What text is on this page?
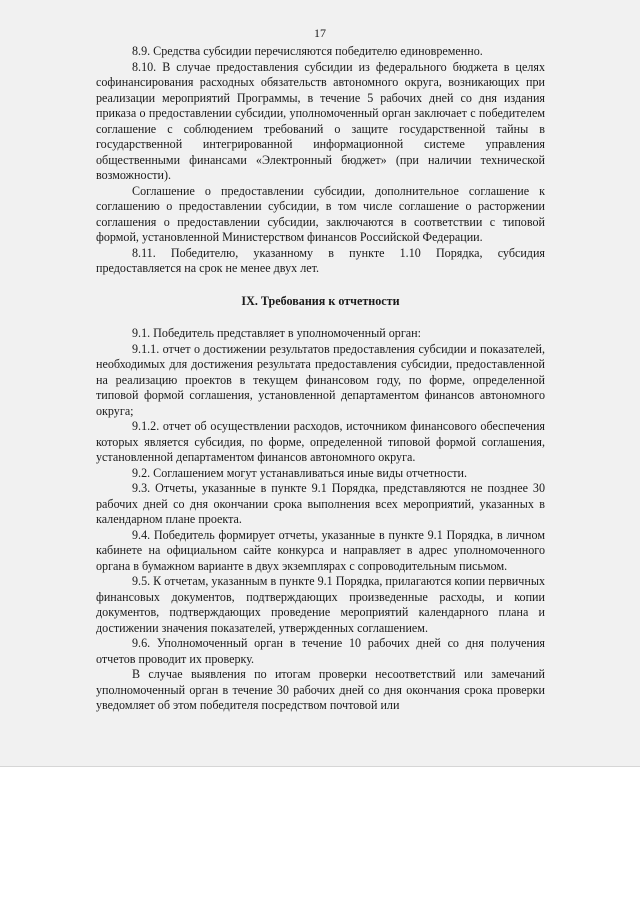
17

8.9. Средства субсидии перечисляются победителю единовременно.

8.10. В случае предоставления субсидии из федерального бюджета в целях софинансирования расходных обязательств автономного округа, возникающих при реализации мероприятий Программы, в течение 5 рабочих дней со дня издания приказа о предоставлении субсидии, уполномоченный орган заключает с победителем соглашение с соблюдением требований о защите государственной тайны в государственной интегрированной информационной системе управления общественными финансами «Электронный бюджет» (при наличии технической возможности).

Соглашение о предоставлении субсидии, дополнительное соглашение к соглашению о предоставлении субсидии, в том числе соглашение о расторжении соглашения о предоставлении субсидии, заключаются в соответствии с типовой формой, установленной Министерством финансов Российской Федерации.

8.11. Победителю, указанному в пункте 1.10 Порядка, субсидия предоставляется на срок не менее двух лет.

IX. Требования к отчетности

9.1. Победитель представляет в уполномоченный орган:

9.1.1. отчет о достижении результатов предоставления субсидии и показателей, необходимых для достижения результата предоставления субсидии, предоставленной на реализацию проектов в текущем финансовом году, по форме, определенной типовой формой соглашения, установленной департаментом финансов автономного округа;

9.1.2. отчет об осуществлении расходов, источником финансового обеспечения которых является субсидия, по форме, определенной типовой формой соглашения, установленной департаментом финансов автономного округа.

9.2. Соглашением могут устанавливаться иные виды отчетности.

9.3. Отчеты, указанные в пункте 9.1 Порядка, представляются не позднее 30 рабочих дней со дня окончании срока выполнения всех мероприятий, указанных в календарном плане проекта.

9.4. Победитель формирует отчеты, указанные в пункте 9.1 Порядка, в личном кабинете на официальном сайте конкурса и направляет в адрес уполномоченного органа в бумажном варианте в двух экземплярах с сопроводительным письмом.

9.5. К отчетам, указанным в пункте 9.1 Порядка, прилагаются копии первичных финансовых документов, подтверждающих произведенные расходы, и копии документов, подтверждающих проведение мероприятий календарного плана и достижении значения показателей, утвержденных соглашением.

9.6. Уполномоченный орган в течение 10 рабочих дней со дня получения отчетов проводит их проверку.

В случае выявления по итогам проверки несоответствий или замечаний уполномоченный орган в течение 30 рабочих дней со дня окончания срока проверки уведомляет об этом победителя посредством почтовой или
